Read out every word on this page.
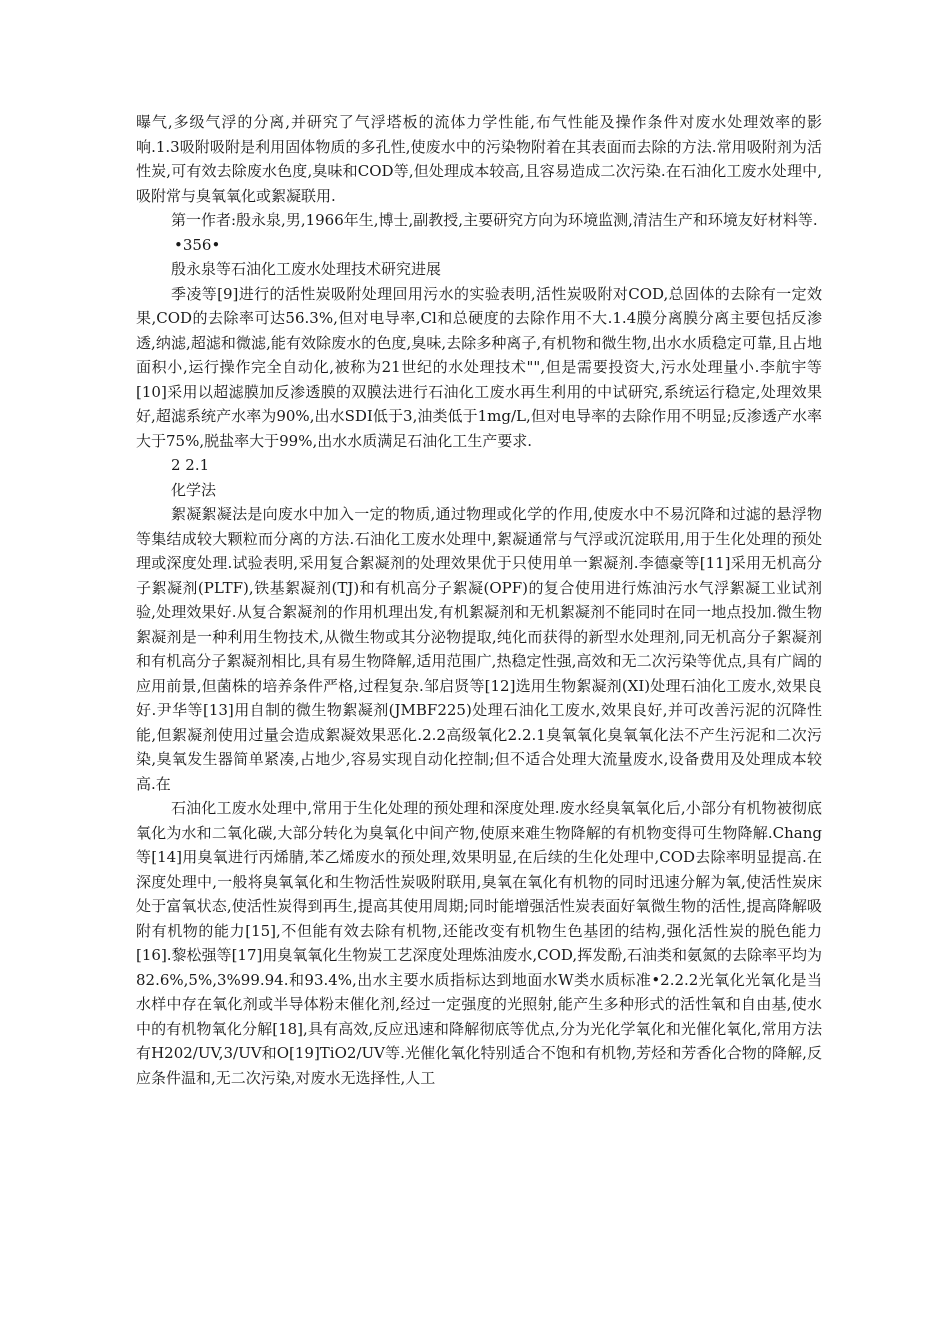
曝气,多级气浮的分离,并研究了气浮塔板的流体力学性能,布气性能及操作条件对废水处理效率的影响.1.3吸附吸附是利用固体物质的多孔性,使废水中的污染物附着在其表面而去除的方法.常用吸附剂为活性炭,可有效去除废水色度,臭味和COD等,但处理成本较高,且容易造成二次污染.在石油化工废水处理中,吸附常与臭氧氧化或絮凝联用.

第一作者:殷永泉,男,1966年生,博士,副教授,主要研究方向为环境监测,清洁生产和环境友好材料等.

•356•

殷永泉等石油化工废水处理技术研究进展

季凌等[9]进行的活性炭吸附处理回用污水的实验表明,活性炭吸附对COD,总固体的去除有一定效果,COD的去除率可达56.3%,但对电导率,Cl和总硬度的去除作用不大.1.4膜分离膜分离主要包括反渗透,纳滤,超滤和微滤,能有效除废水的色度,臭味,去除多种离子,有机物和微生物,出水水质稳定可靠,且占地面积小,运行操作完全自动化,被称为21世纪的水处理技术"",但是需要投资大,污水处理量小.李航宇等[10]采用以超滤膜加反渗透膜的双膜法进行石油化工废水再生利用的中试研究,系统运行稳定,处理效果好,超滤系统产水率为90%,出水SDI低于3,油类低于1mg/L,但对电导率的去除作用不明显;反渗透产水率大于75%,脱盐率大于99%,出水水质满足石油化工生产要求.

2 2.1

化学法

絮凝絮凝法是向废水中加入一定的物质,通过物理或化学的作用,使废水中不易沉降和过滤的悬浮物等集结成较大颗粒而分离的方法.石油化工废水处理中,絮凝通常与气浮或沉淀联用,用于生化处理的预处理或深度处理.试验表明,采用复合絮凝剂的处理效果优于只使用单一絮凝剂.李德豪等[11]采用无机高分子絮凝剂(PLTF),铁基絮凝剂(TJ)和有机高分子絮凝(OPF)的复合使用进行炼油污水气浮絮凝工业试剂验,处理效果好.从复合絮凝剂的作用机理出发,有机絮凝剂和无机絮凝剂不能同时在同一地点投加.微生物絮凝剂是一种利用生物技术,从微生物或其分泌物提取,纯化而获得的新型水处理剂,同无机高分子絮凝剂和有机高分子絮凝剂相比,具有易生物降解,适用范围广,热稳定性强,高效和无二次污染等优点,具有广阔的应用前景,但菌株的培养条件严格,过程复杂.邹启贤等[12]选用生物絮凝剂(XI)处理石油化工废水,效果良好.尹华等[13]用自制的微生物絮凝剂(JMBF225)处理石油化工废水,效果良好,并可改善污泥的沉降性能,但絮凝剂使用过量会造成絮凝效果恶化.2.2高级氧化2.2.1臭氧氧化臭氧氧化法不产生污泥和二次污染,臭氧发生器简单紧凑,占地少,容易实现自动化控制;但不适合处理大流量废水,设备费用及处理成本较高.在

石油化工废水处理中,常用于生化处理的预处理和深度处理.废水经臭氧氧化后,小部分有机物被彻底氧化为水和二氧化碳,大部分转化为臭氧化中间产物,使原来难生物降解的有机物变得可生物降解.Chang等[14]用臭氧进行丙烯腈,苯乙烯废水的预处理,效果明显,在后续的生化处理中,COD去除率明显提高.在深度处理中,一般将臭氧氧化和生物活性炭吸附联用,臭氧在氧化有机物的同时迅速分解为氧,使活性炭床处于富氧状态,使活性炭得到再生,提高其使用周期;同时能增强活性炭表面好氧微生物的活性,提高降解吸附有机物的能力[15],不但能有效去除有机物,还能改变有机物生色基团的结构,强化活性炭的脱色能力[16].黎松强等[17]用臭氧氧化生物炭工艺深度处理炼油废水,COD,挥发酚,石油类和氨氮的去除率平均为82.6%,5%,3%99.94.和93.4%,出水主要水质指标达到地面水W类水质标准•2.2.2光氧化光氧化是当水样中存在氧化剂或半导体粉末催化剂,经过一定强度的光照射,能产生多种形式的活性氧和自由基,使水中的有机物氧化分解[18],具有高效,反应迅速和降解彻底等优点,分为光化学氧化和光催化氧化,常用方法有H202/UV,3/UV和O[19]TiO2/UV等.光催化氧化特别适合不饱和有机物,芳烃和芳香化合物的降解,反应条件温和,无二次污染,对废水无选择性,人工
